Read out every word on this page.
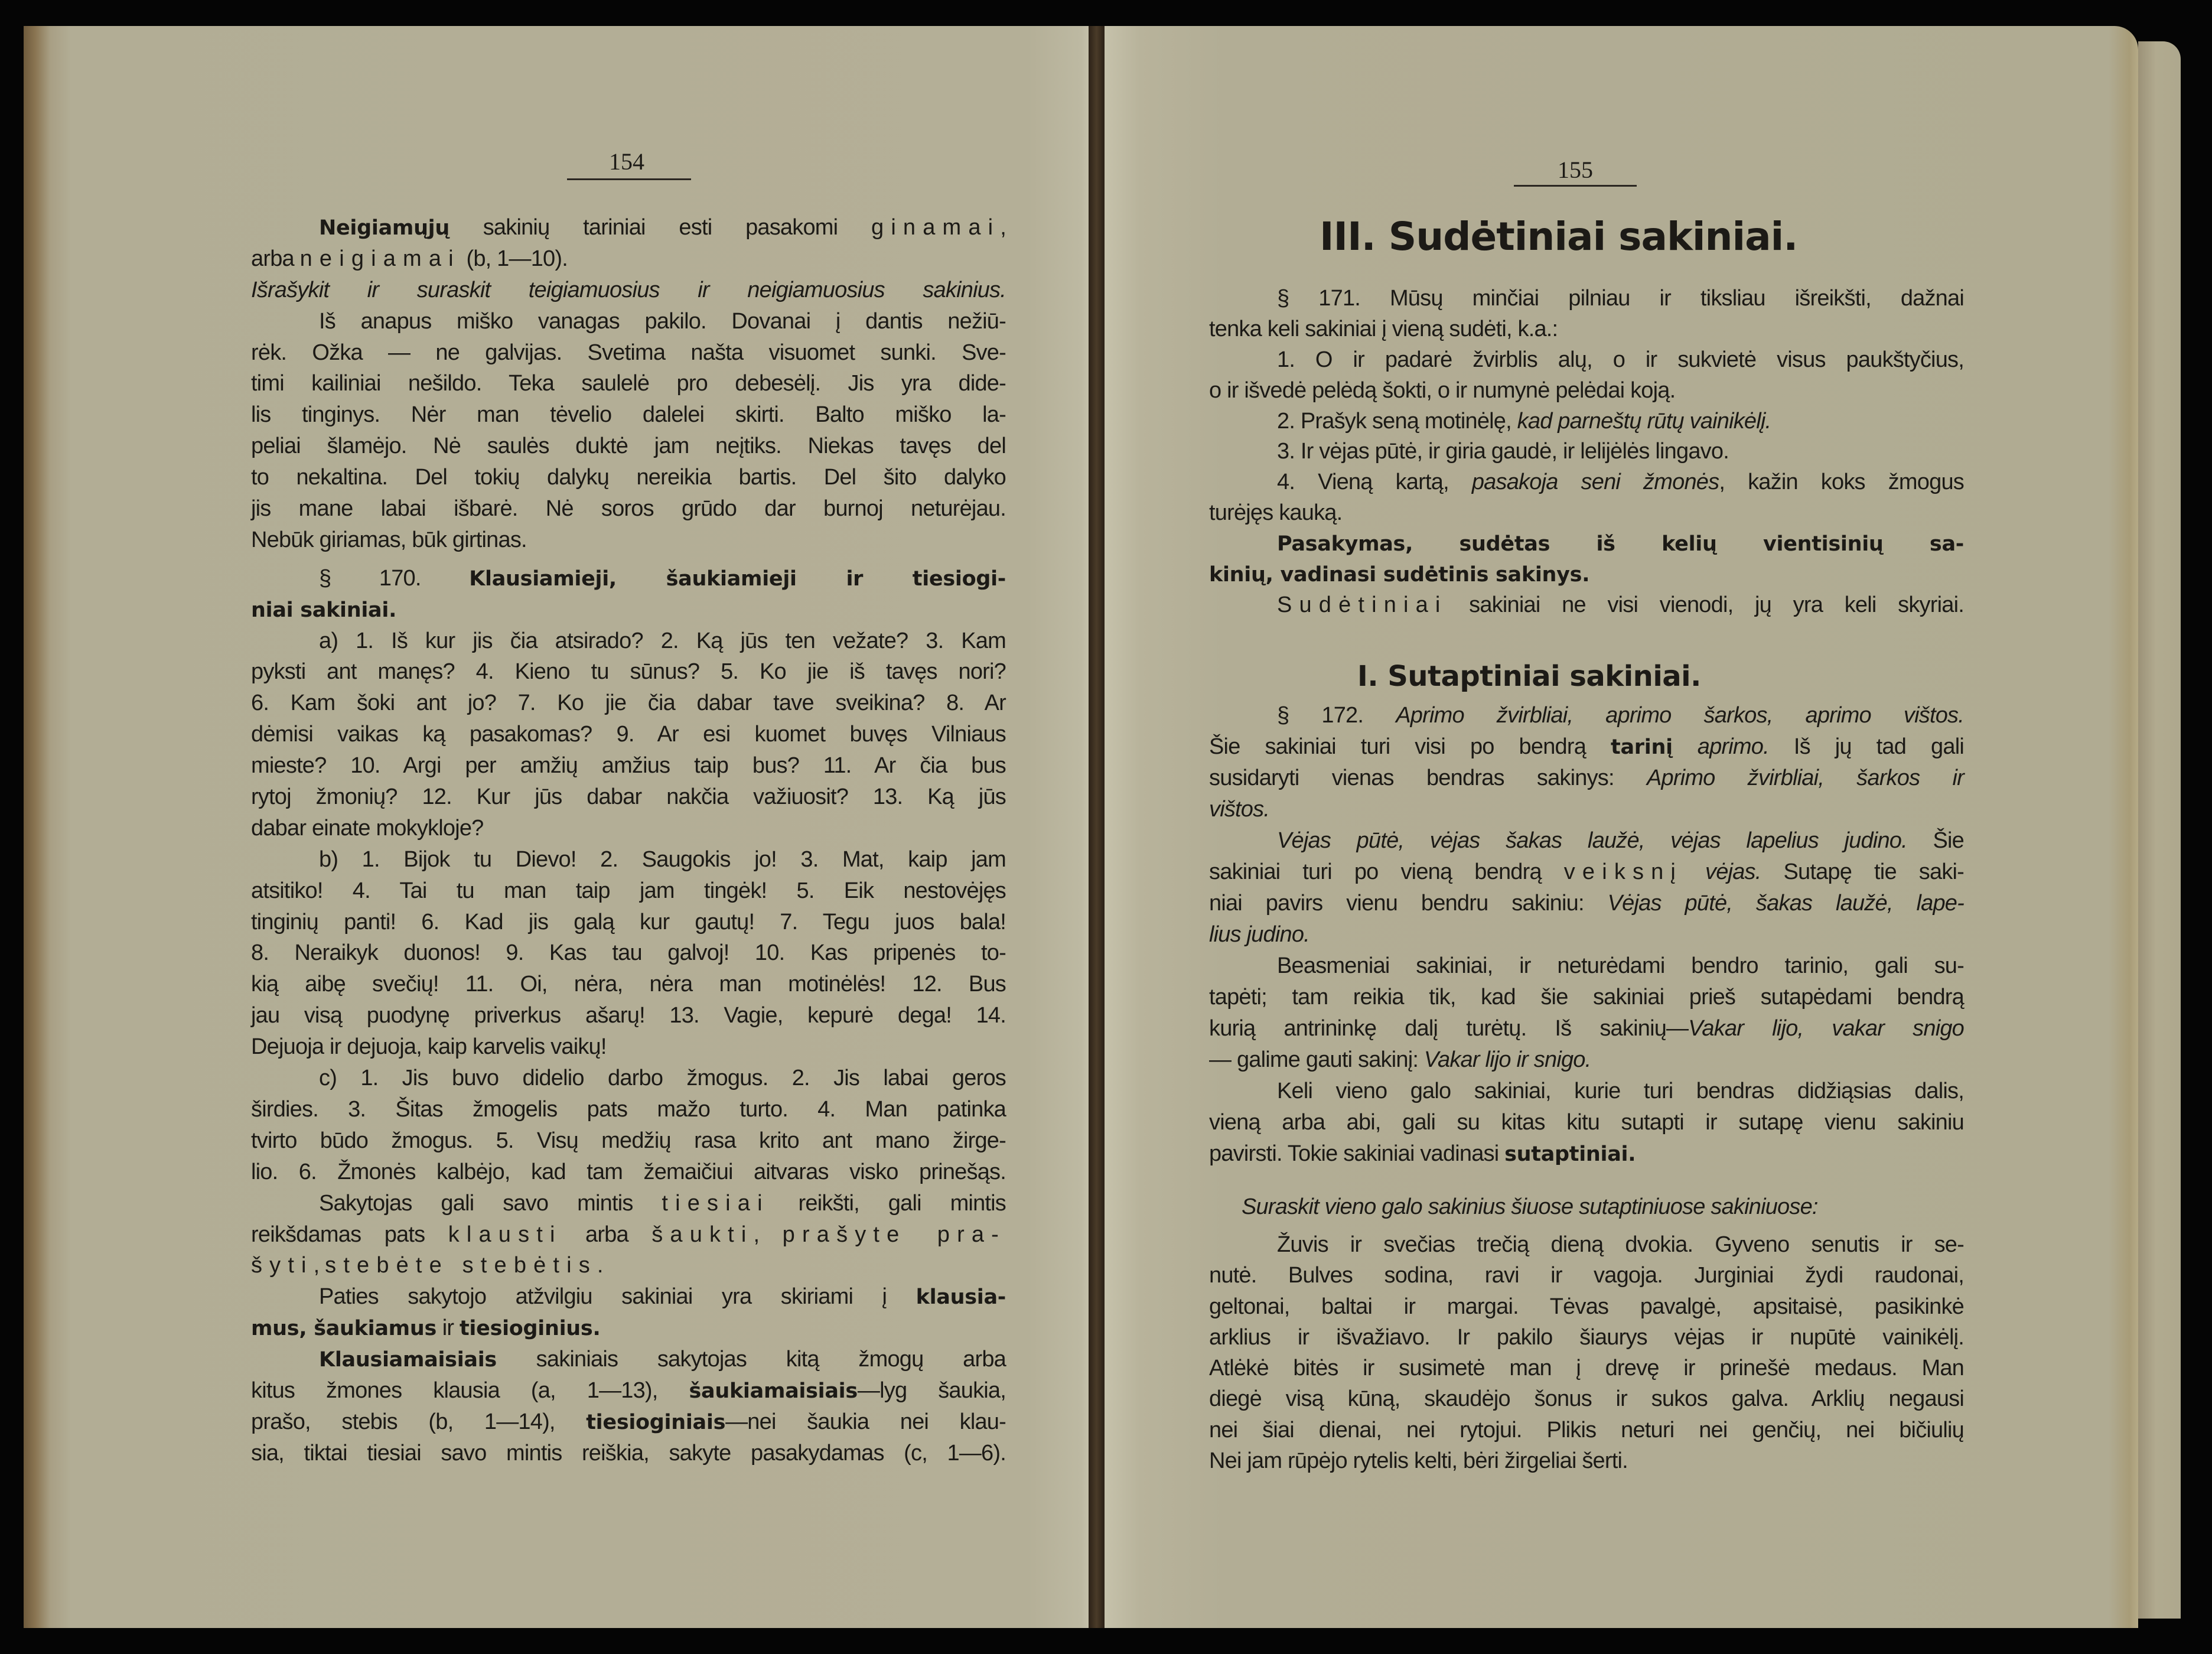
154	155
III. Sudėtiniai sakiniai.
I. Sutaptiniai sakiniai.
Neigiamųjų sakinių tariniai esti pasakomi ginamai,
arba neigiamai (b, 1—10).
Išrašykit ir suraskit teigiamuosius ir neigiamuosius sakinius.
Iš anapus miško vanagas pakilo. Dovanai į dantis nežiū-
rėk. Ožka — ne galvijas. Svetima našta visuomet sunki. Sve-
timi kailiniai nešildo. Teka saulelė pro debesėlį. Jis yra dide-
lis tinginys. Nėr man tėvelio dalelei skirti. Balto miško la-
peliai šlamėjo. Nė saulės duktė jam neįtiks. Niekas tavęs del
to nekaltina. Del tokių dalykų nereikia bartis. Del šito dalyko
jis mane labai išbarė. Nė soros grūdo dar burnoj neturėjau.
Nebūk giriamas, būk girtinas.
§ 170. Klausiamieji, šaukiamieji ir tiesiogi-
niai sakiniai.
a) 1. Iš kur jis čia atsirado? 2. Ką jūs ten vežate? 3. Kam
pyksti ant manęs? 4. Kieno tu sūnus? 5. Ko jie iš tavęs nori?
6. Kam šoki ant jo? 7. Ko jie čia dabar tave sveikina? 8. Ar
dėmisi vaikas ką pasakomas? 9. Ar esi kuomet buvęs Vilniaus
mieste? 10. Argi per amžių amžius taip bus? 11. Ar čia bus
rytoj žmonių? 12. Kur jūs dabar nakčia važiuosit? 13. Ką jūs
dabar einate mokykloje?
b) 1. Bijok tu Dievo! 2. Saugokis jo! 3. Mat, kaip jam
atsitiko! 4. Tai tu man taip jam tingėk! 5. Eik nestovėjęs
tinginių panti! 6. Kad jis galą kur gautų! 7. Tegu juos bala!
8. Neraikyk duonos! 9. Kas tau galvoj! 10. Kas pripenės to-
kią aibę svečių! 11. Oi, nėra, nėra man motinėlės! 12. Bus
jau visą puodynę priverkus ašarų! 13. Vagie, kepurė dega! 14.
Dejuoja ir dejuoja, kaip karvelis vaikų!
c) 1. Jis buvo didelio darbo žmogus. 2. Jis labai geros
širdies. 3. Šitas žmogelis pats mažo turto. 4. Man patinka
tvirto būdo žmogus. 5. Visų medžių rasa krito ant mano žirge-
lio. 6. Žmonės kalbėjo, kad tam žemaičiui aitvaras visko prinešąs.
Sakytojas gali savo mintis tiesiai reikšti, gali mintis
reikšdamas pats klausti arba šaukti, prašyte pra-
šyti, stebėte stebėtis.
Paties sakytojo atžvilgiu sakiniai yra skiriami į klausia-
mus, šaukiamus ir tiesioginius.
Klausiamaisiais sakiniais sakytojas kitą žmogų arba
kitus žmones klausia (a, 1—13), šaukiamaisiais—lyg šaukia,
prašo, stebis (b, 1—14), tiesioginiais—nei šaukia nei klau-
sia, tiktai tiesiai savo mintis reiškia, sakyte pasakydamas (c, 1—6).
§ 171. Mūsų minčiai pilniau ir tiksliau išreikšti, dažnai
tenka keli sakiniai į vieną sudėti, k.a.:
1. O ir padarė žvirblis alų, o ir sukvietė visus paukštyčius,
o ir išvedė pelėdą šokti, o ir numynė pelėdai koją.
2. Prašyk seną motinėlę, kad parneštų rūtų vainikėlį.
3. Ir vėjas pūtė, ir giria gaudė, ir lelijėlės lingavo.
4. Vieną kartą, pasakoja seni žmonės, kažin koks žmogus
turėjęs kauką.
Pasakymas, sudėtas iš kelių vientisinių sa-
kinių, vadinasi sudėtinis sakinys.
Sudėtiniai sakiniai ne visi vienodi, jų yra keli skyriai.
§ 172. Aprimo žvirbliai, aprimo šarkos, aprimo vištos.
Šie sakiniai turi visi po bendrą tarinį aprimo. Iš jų tad gali
susidaryti vienas bendras sakinys: Aprimo žvirbliai, šarkos ir
vištos.
Vėjas pūtė, vėjas šakas laužė, vėjas lapelius judino. Šie
sakiniai turi po vieną bendrą veiksnį vėjas. Sutapę tie saki-
niai pavirs vienu bendru sakiniu: Vėjas pūtė, šakas laužė, lape-
lius judino.
Beasmeniai sakiniai, ir neturėdami bendro tarinio, gali su-
tapėti; tam reikia tik, kad šie sakiniai prieš sutapėdami bendrą
kurią antrininkę dalį turėtų. Iš sakinių—Vakar lijo, vakar snigo
— galime gauti sakinį: Vakar lijo ir snigo.
Keli vieno galo sakiniai, kurie turi bendras didžiąsias dalis,
vieną arba abi, gali su kitas kitu sutapti ir sutapę vienu sakiniu
pavirsti. Tokie sakiniai vadinasi sutaptiniai.
Suraskit vieno galo sakinius šiuose sutaptiniuose sakiniuose:
Žuvis ir svečias trečią dieną dvokia. Gyveno senutis ir se-
nutė. Bulves sodina, ravi ir vagoja. Jurginiai žydi raudonai,
geltonai, baltai ir margai. Tėvas pavalgė, apsitaisė, pasikinkė
arklius ir išvažiavo. Ir pakilo šiaurys vėjas ir nupūtė vainikėlį.
Atlėkė bitės ir susimetė man į drevę ir prinešė medaus. Man
diegė visą kūną, skaudėjo šonus ir sukos galva. Arklių negausi
nei šiai dienai, nei rytojui. Plikis neturi nei genčių, nei bičiulių
Nei jam rūpėjo rytelis kelti, bėri žirgeliai šerti.
